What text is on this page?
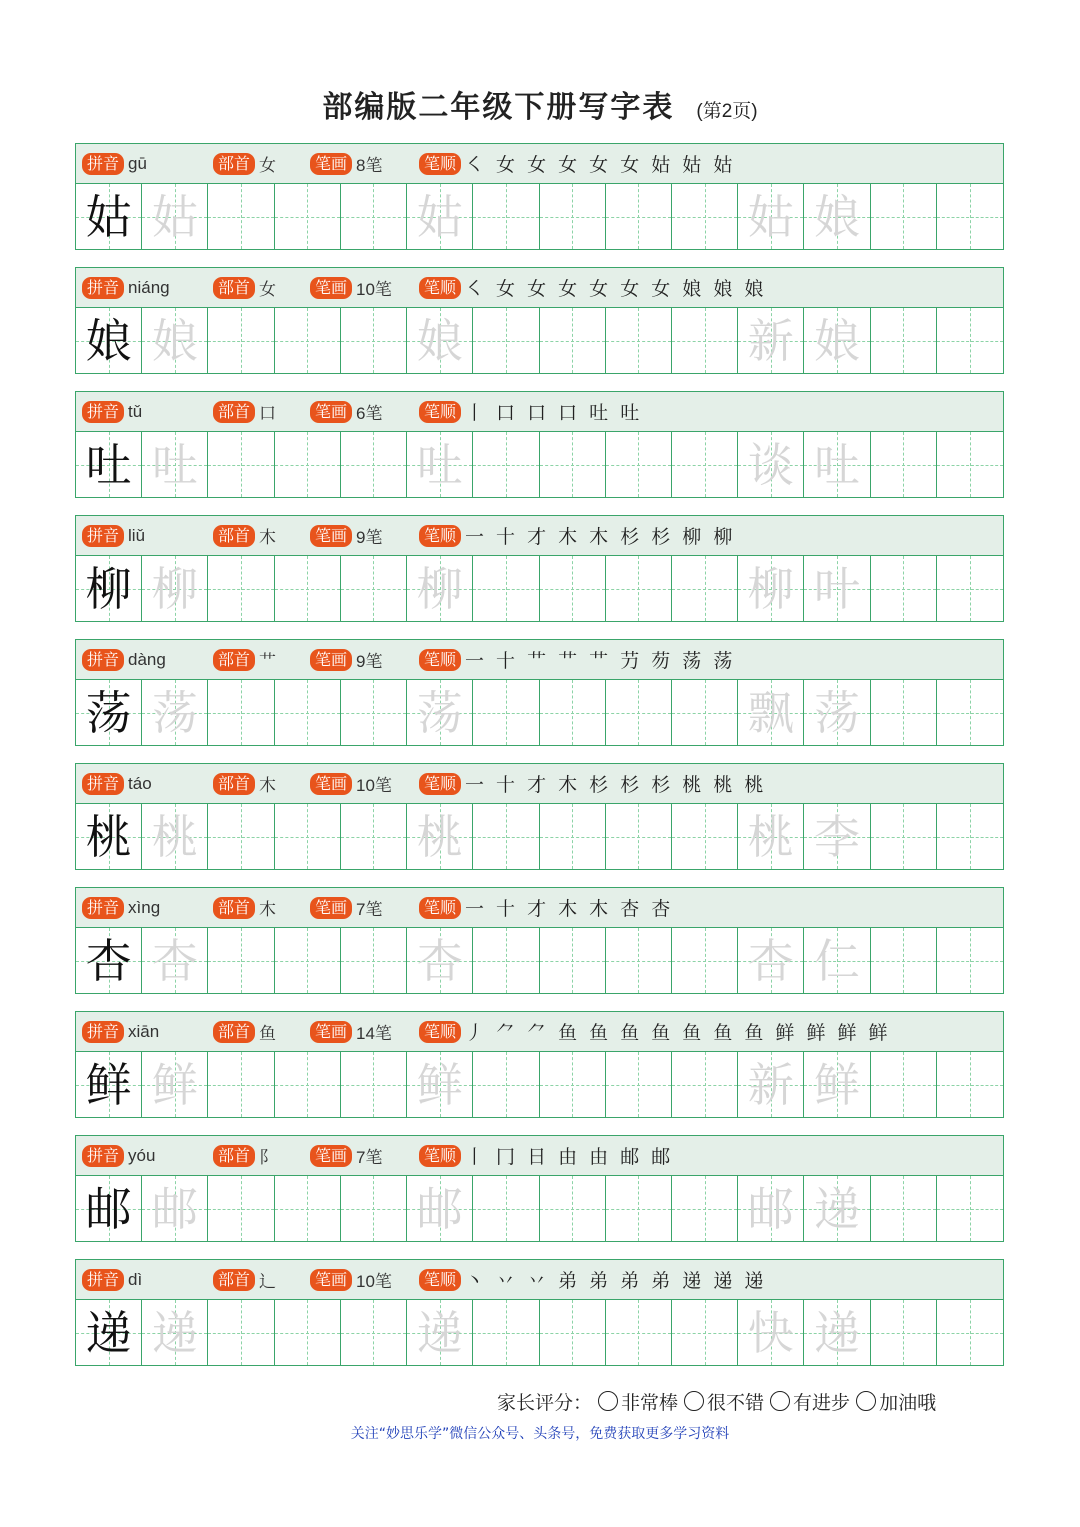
部编版二年级下册写字表 (第2页)
拼音 gū	部首 女	笔画 8笔	笔顺 ㇛ 女 女 女 女 女 姑 姑 姑
姑 姑	姑	姑 娘
拼音 niáng	部首 女	笔画 10笔	笔顺 ㇛ 女 女 女 女 女 女 娘 娘 娘
娘 娘	娘	新 娘
拼音 tǔ	部首 口	笔画 6笔	笔顺 丨 口 口 口 吐 吐
吐 吐	吐	谈 吐
拼音 liǔ	部首 木	笔画 9笔	笔顺 一 十 才 木 木 杉 杉 柳 柳
柳 柳	柳	柳 叶
拼音 dàng	部首 艹	笔画 9笔	笔顺 一 十 艹 艹 艹 芀 芴 荡 荡
荡 荡	荡	飘 荡
拼音 táo	部首 木	笔画 10笔	笔顺 一 十 才 木 杉 杉 杉 桃 桃 桃
桃 桃	桃	桃 李
拼音 xìng	部首 木	笔画 7笔	笔顺 一 十 才 木 木 杏 杏
杏 杏	杏	杏 仁
拼音 xiān	部首 鱼	笔画 14笔	笔顺 丿 ⺈ ⺈ 鱼 鱼 鱼 鱼 鱼 鱼 鱼 鲜 鲜 鲜 鲜
鲜 鲜	鲜	新 鲜
拼音 yóu	部首 阝	笔画 7笔	笔顺 丨 冂 日 由 由 邮 邮
邮 邮	邮	邮 递
拼音 dì	部首 辶	笔画 10笔	笔顺 丶 丷 丷 弟 弟 弟 弟 递 递 递
递 递	递	快 递
家长评分： 非常棒 很不错 有进步 加油哦
关注“妙思乐学”微信公众号、头条号，免费获取更多学习资料
